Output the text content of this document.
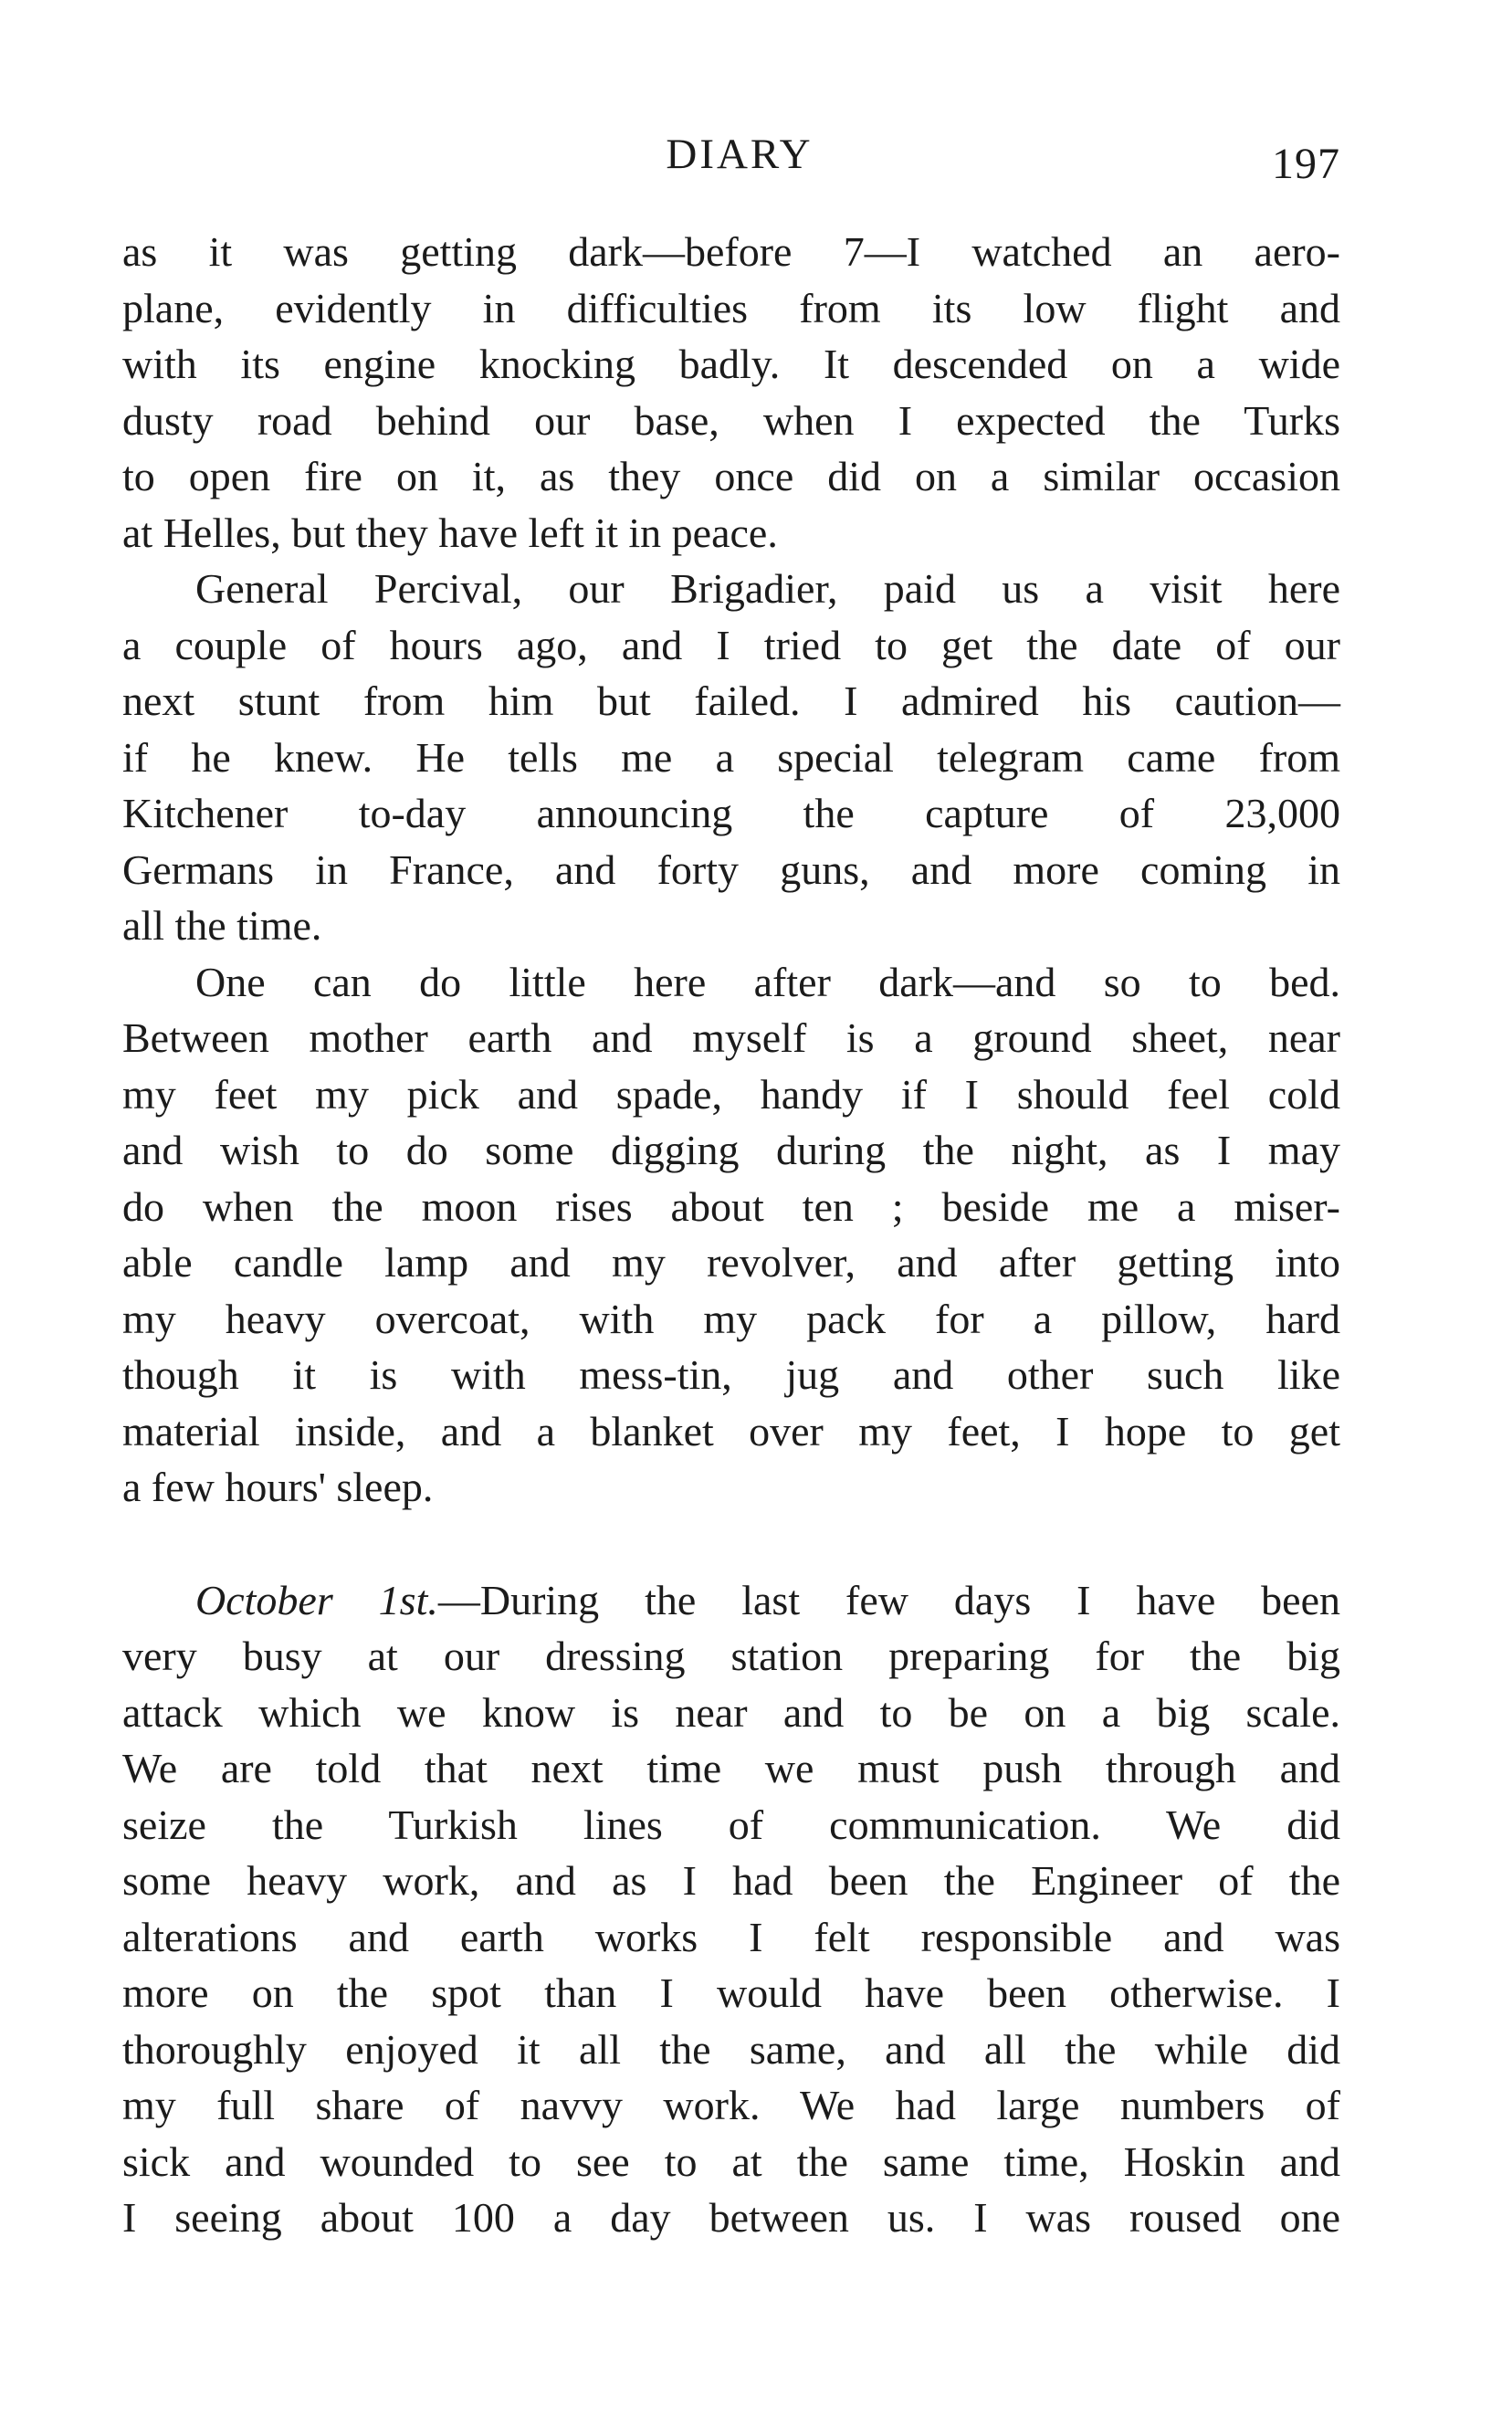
DIARY	197
as it was getting dark—before 7—I watched an aero-
plane, evidently in difficulties from its low flight and
with its engine knocking badly. It descended on a wide
dusty road behind our base, when I expected the Turks
to open fire on it, as they once did on a similar occasion
at Helles, but they have left it in peace.
General Percival, our Brigadier, paid us a visit here
a couple of hours ago, and I tried to get the date of our
next stunt from him but failed. I admired his caution—
if he knew. He tells me a special telegram came from
Kitchener to-day announcing the capture of 23,000
Germans in France, and forty guns, and more coming in
all the time.
One can do little here after dark—and so to bed.
Between mother earth and myself is a ground sheet, near
my feet my pick and spade, handy if I should feel cold
and wish to do some digging during the night, as I may
do when the moon rises about ten ; beside me a miser-
able candle lamp and my revolver, and after getting into
my heavy overcoat, with my pack for a pillow, hard
though it is with mess-tin, jug and other such like
material inside, and a blanket over my feet, I hope to get
a few hours' sleep.
October 1st.—During the last few days I have been
very busy at our dressing station preparing for the big
attack which we know is near and to be on a big scale.
We are told that next time we must push through and
seize the Turkish lines of communication. We did
some heavy work, and as I had been the Engineer of the
alterations and earth works I felt responsible and was
more on the spot than I would have been otherwise. I
thoroughly enjoyed it all the same, and all the while did
my full share of navvy work. We had large numbers of
sick and wounded to see to at the same time, Hoskin and
I seeing about 100 a day between us. I was roused one
